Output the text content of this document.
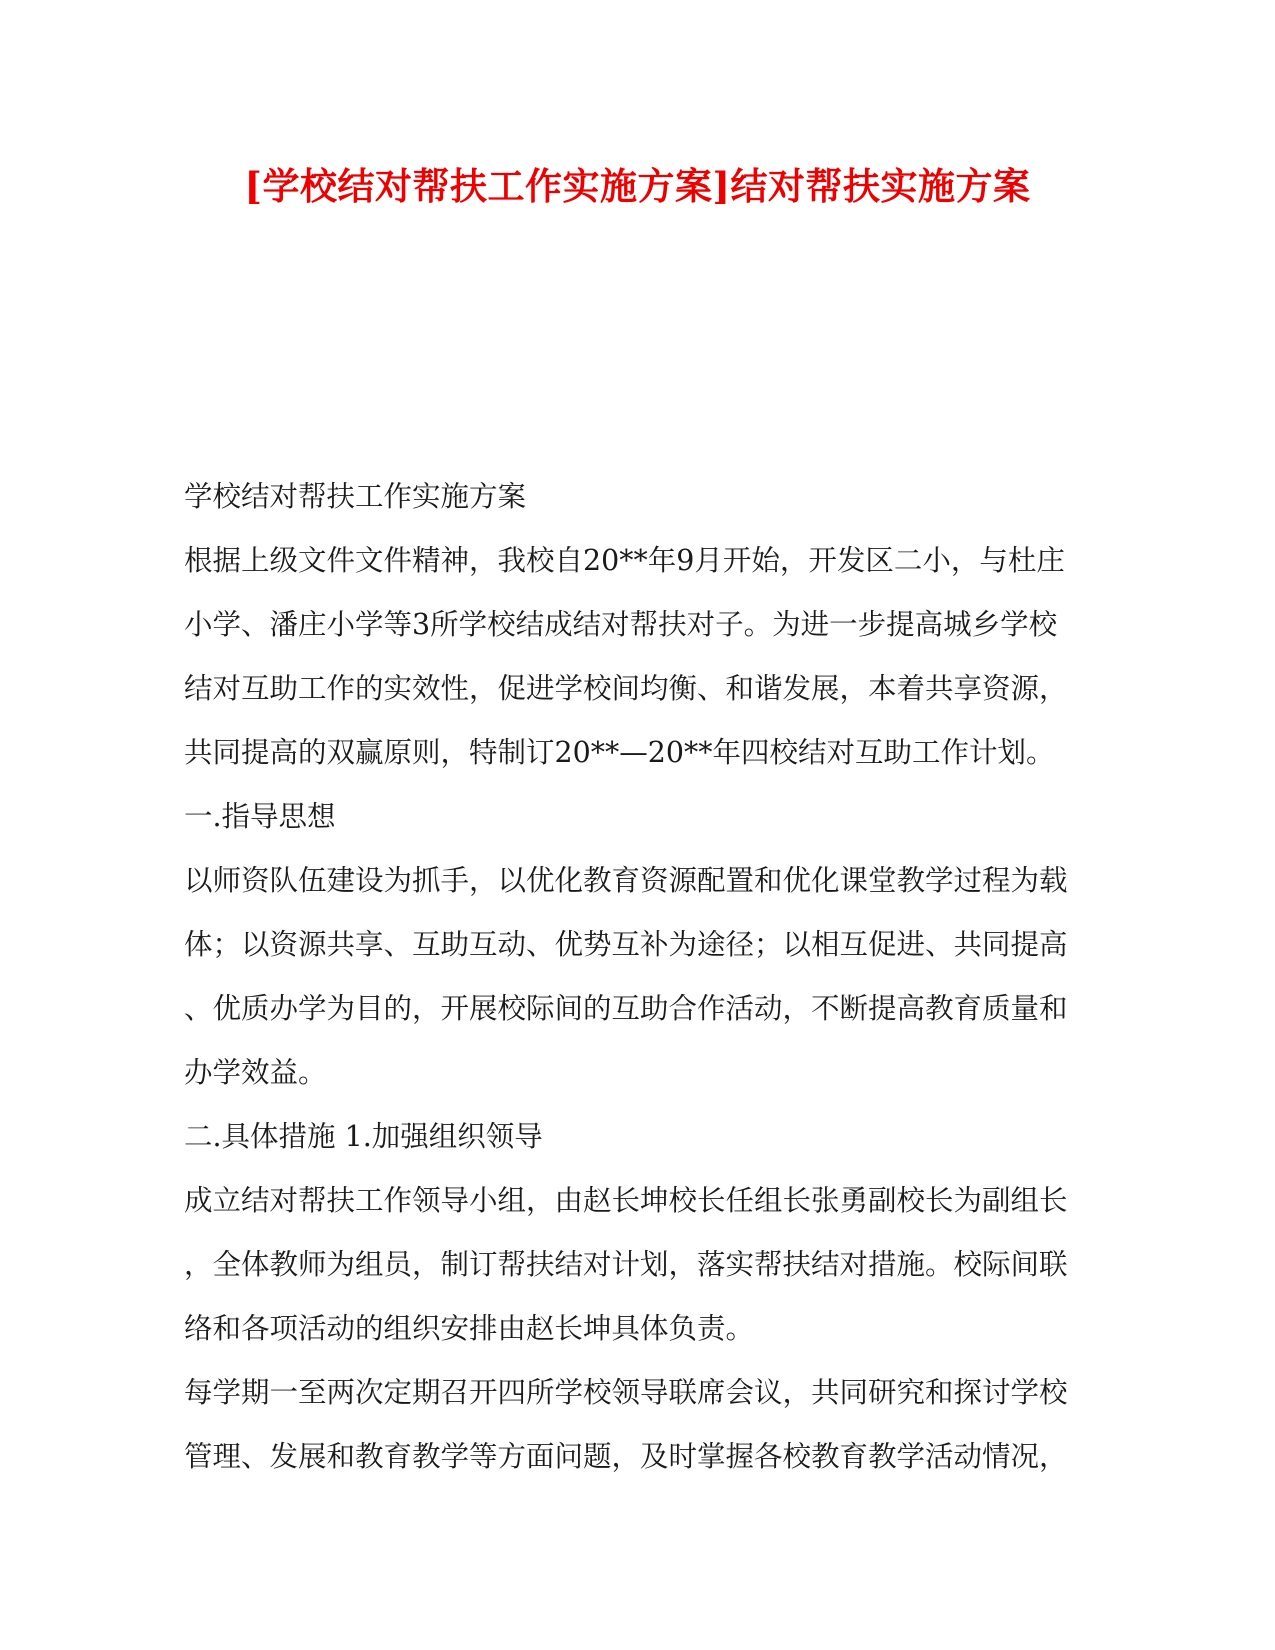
[学校结对帮扶工作实施方案]结对帮扶实施方案
学校结对帮扶工作实施方案
根据上级文件文件精神，我校自20**年9月开始，开发区二小，与杜庄
小学、潘庄小学等3所学校结成结对帮扶对子。为进一步提高城乡学校
结对互助工作的实效性，促进学校间均衡、和谐发展，本着共享资源，
共同提高的双赢原则，特制订20**—20**年四校结对互助工作计划。
一.指导思想
以师资队伍建设为抓手，以优化教育资源配置和优化课堂教学过程为载
体；以资源共享、互助互动、优势互补为途径；以相互促进、共同提高
、优质办学为目的，开展校际间的互助合作活动，不断提高教育质量和
办学效益。
二.具体措施 1.加强组织领导
成立结对帮扶工作领导小组，由赵长坤校长任组长张勇副校长为副组长
，全体教师为组员，制订帮扶结对计划，落实帮扶结对措施。校际间联
络和各项活动的组织安排由赵长坤具体负责。
每学期一至两次定期召开四所学校领导联席会议，共同研究和探讨学校
管理、发展和教育教学等方面问题，及时掌握各校教育教学活动情况，
